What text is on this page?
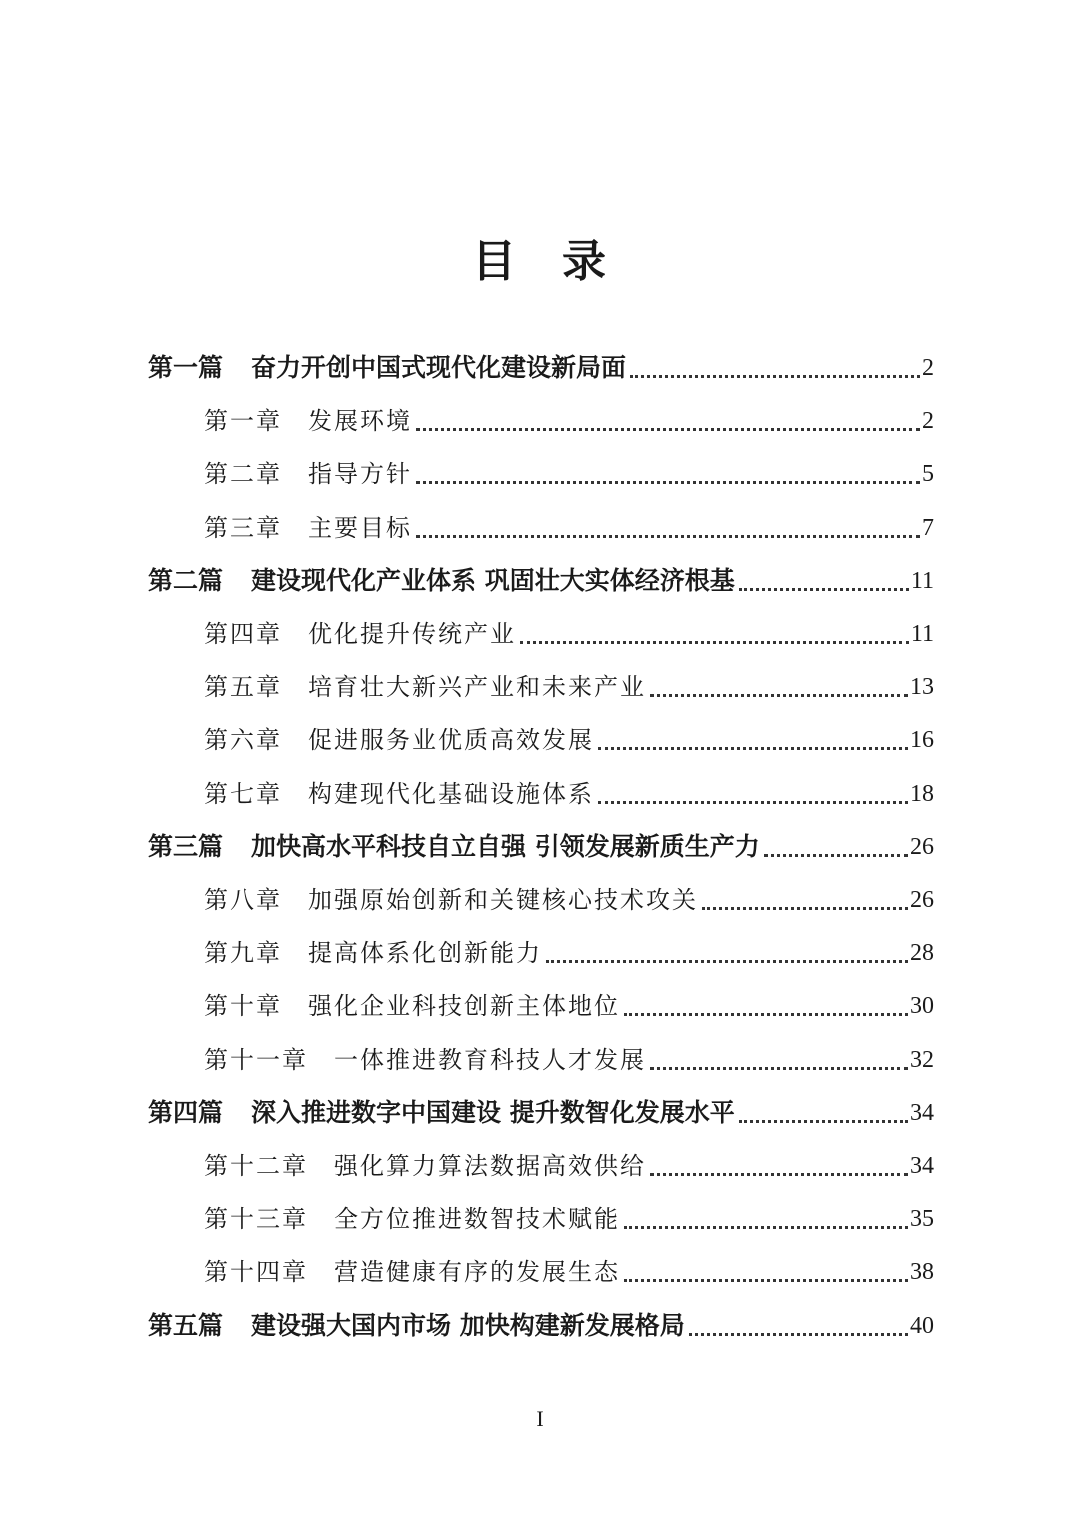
目 录
第一篇 奋力开创中国式现代化建设新局面	2
第一章 发展环境	2
第二章 指导方针	5
第三章 主要目标	7
第二篇 建设现代化产业体系 巩固壮大实体经济根基	11
第四章 优化提升传统产业	11
第五章 培育壮大新兴产业和未来产业	13
第六章 促进服务业优质高效发展	16
第七章 构建现代化基础设施体系	18
第三篇 加快高水平科技自立自强 引领发展新质生产力	26
第八章 加强原始创新和关键核心技术攻关	26
第九章 提高体系化创新能力	28
第十章 强化企业科技创新主体地位	30
第十一章 一体推进教育科技人才发展	32
第四篇 深入推进数字中国建设 提升数智化发展水平	34
第十二章 强化算力算法数据高效供给	34
第十三章 全方位推进数智技术赋能	35
第十四章 营造健康有序的发展生态	38
第五篇 建设强大国内市场 加快构建新发展格局	40
I
